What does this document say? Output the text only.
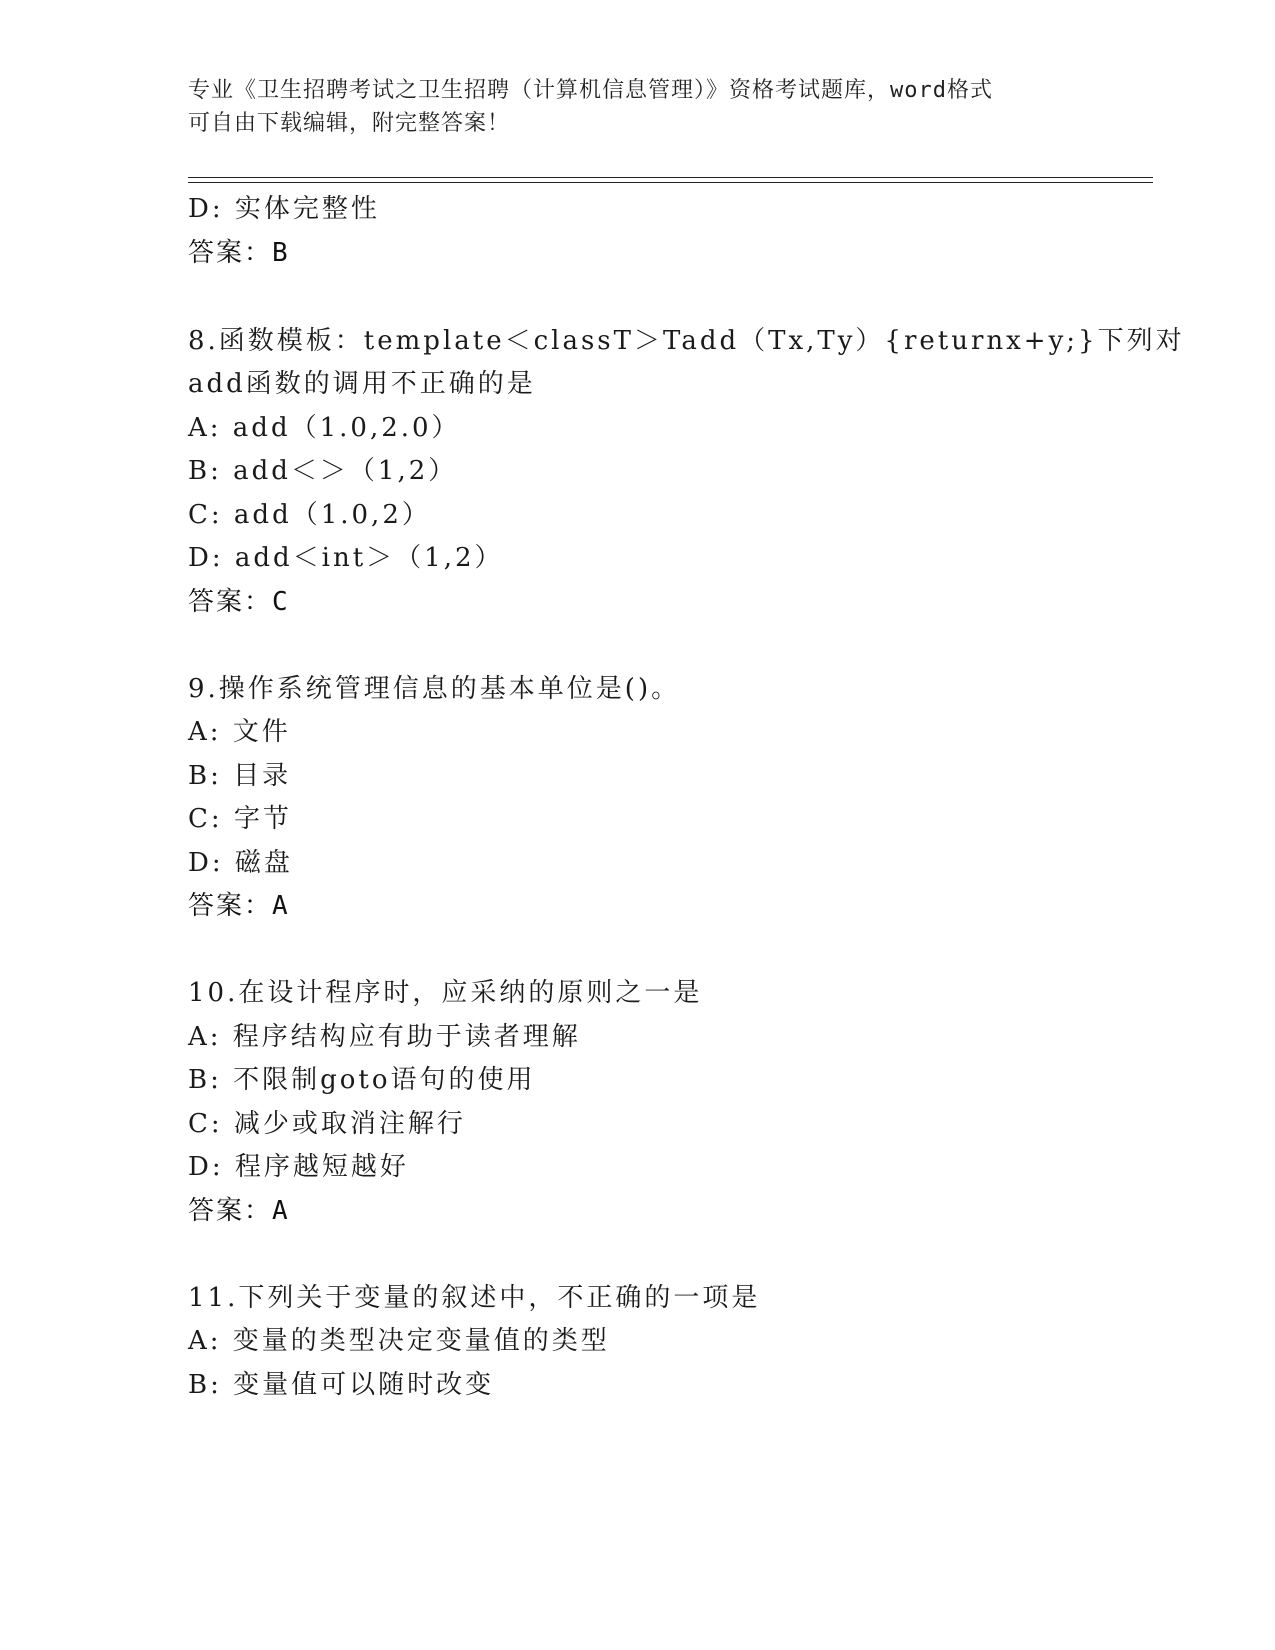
专业《卫生招聘考试之卫生招聘（计算机信息管理）》资格考试题库，word格式
可自由下载编辑，附完整答案！
D: 实体完整性
答案：B
8.函数模板：template＜classT＞Tadd（Tx,Ty）{returnx+y;}下列对
add函数的调用不正确的是
A: add（1.0,2.0）
B: add＜＞（1,2）
C: add（1.0,2）
D: add＜int＞（1,2）
答案：C
9.操作系统管理信息的基本单位是()。
A: 文件
B: 目录
C: 字节
D: 磁盘
答案：A
10.在设计程序时，应采纳的原则之一是
A: 程序结构应有助于读者理解
B: 不限制goto语句的使用
C: 减少或取消注解行
D: 程序越短越好
答案：A
11.下列关于变量的叙述中，不正确的一项是
A: 变量的类型决定变量值的类型
B: 变量值可以随时改变
